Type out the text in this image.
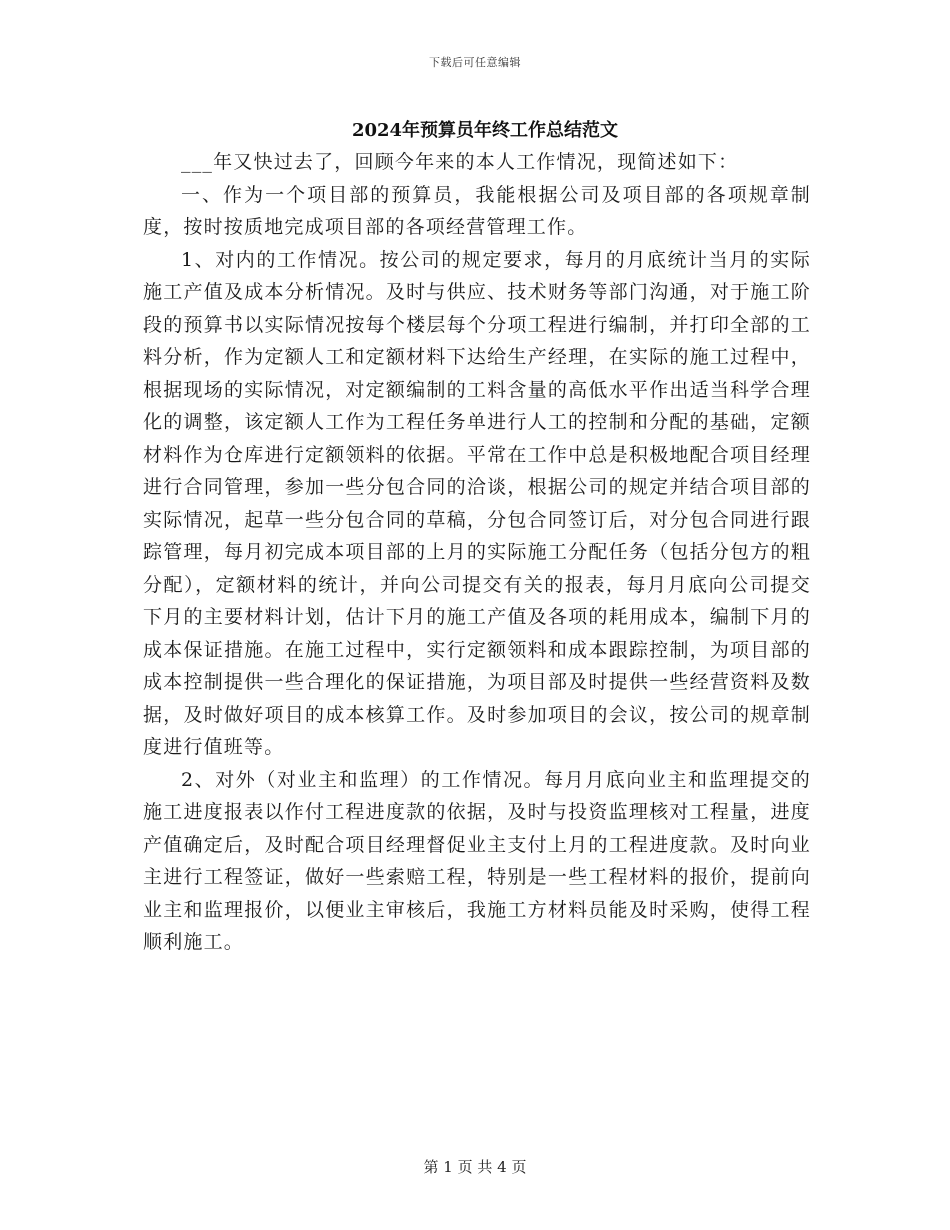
下载后可任意编辑
2024年预算员年终工作总结范文

___年又快过去了，回顾今年来的本人工作情况，现简述如下：

一、作为一个项目部的预算员，我能根据公司及项目部的各项规章制度，按时按质地完成项目部的各项经营管理工作。

1、对内的工作情况。按公司的规定要求，每月的月底统计当月的实际施工产值及成本分析情况。及时与供应、技术财务等部门沟通，对于施工阶段的预算书以实际情况按每个楼层每个分项工程进行编制，并打印全部的工料分析，作为定额人工和定额材料下达给生产经理，在实际的施工过程中，根据现场的实际情况，对定额编制的工料含量的高低水平作出适当科学合理化的调整，该定额人工作为工程任务单进行人工的控制和分配的基础，定额材料作为仓库进行定额领料的依据。平常在工作中总是积极地配合项目经理进行合同管理，参加一些分包合同的洽谈，根据公司的规定并结合项目部的实际情况，起草一些分包合同的草稿，分包合同签订后，对分包合同进行跟踪管理，每月初完成本项目部的上月的实际施工分配任务（包括分包方的粗分配），定额材料的统计，并向公司提交有关的报表，每月月底向公司提交下月的主要材料计划，估计下月的施工产值及各项的耗用成本，编制下月的成本保证措施。在施工过程中，实行定额领料和成本跟踪控制，为项目部的成本控制提供一些合理化的保证措施，为项目部及时提供一些经营资料及数据，及时做好项目的成本核算工作。及时参加项目的会议，按公司的规章制度进行值班等。

2、对外（对业主和监理）的工作情况。每月月底向业主和监理提交的施工进度报表以作付工程进度款的依据，及时与投资监理核对工程量，进度产值确定后，及时配合项目经理督促业主支付上月的工程进度款。及时向业主进行工程签证，做好一些索赔工程，特别是一些工程材料的报价，提前向业主和监理报价，以便业主审核后，我施工方材料员能及时采购，使得工程顺利施工。

第 1 页 共 4 页
